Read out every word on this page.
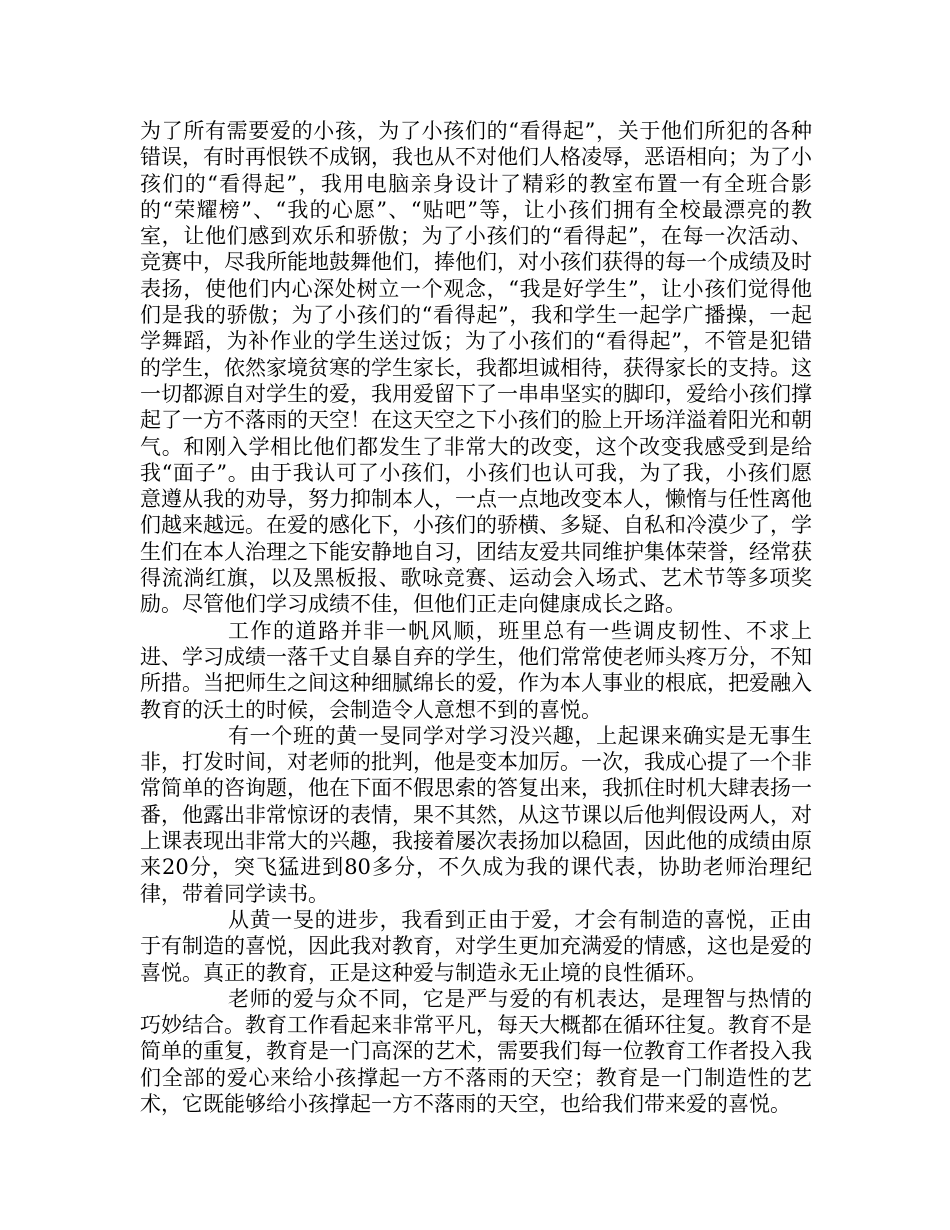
为了所有需要爱的小孩，为了小孩们的“看得起”，关于他们所犯的各种错误，有时再恨铁不成钢，我也从不对他们人格凌辱，恶语相向；为了小孩们的“看得起”，我用电脑亲身设计了精彩的教室布置一有全班合影的“荣耀榜”、“我的心愿”、“贴吧”等，让小孩们拥有全校最漂亮的教室，让他们感到欢乐和骄傲；为了小孩们的“看得起”，在每一次活动、竞赛中，尽我所能地鼓舞他们，捧他们，对小孩们获得的每一个成绩及时表扬，使他们内心深处树立一个观念，“我是好学生”，让小孩们觉得他们是我的骄傲；为了小孩们的“看得起”，我和学生一起学广播操，一起学舞蹈，为补作业的学生送过饭；为了小孩们的“看得起”，不管是犯错的学生，依然家境贫寒的学生家长，我都坦诚相待，获得家长的支持。这一切都源自对学生的爱，我用爱留下了一串串坚实的脚印，爱给小孩们撑起了一方不落雨的天空！在这天空之下小孩们的脸上开场洋溢着阳光和朝气。和刚入学相比他们都发生了非常大的改变，这个改变我感受到是给我“面子”。由于我认可了小孩们，小孩们也认可我，为了我，小孩们愿意遵从我的劝导，努力抑制本人，一点一点地改变本人，懒惰与任性离他们越来越远。在爱的感化下，小孩们的骄横、多疑、自私和冷漠少了，学生们在本人治理之下能安静地自习，团结友爱共同维护集体荣誉，经常获得流淌红旗，以及黑板报、歌咏竞赛、运动会入场式、艺术节等多项奖励。尽管他们学习成绩不佳，但他们正走向健康成长之路。

工作的道路并非一帆风顺，班里总有一些调皮韧性、不求上进、学习成绩一落千丈自暴自弃的学生，他们常常使老师头疼万分，不知所措。当把师生之间这种细腻绵长的爱，作为本人事业的根底，把爱融入教育的沃土的时候，会制造令人意想不到的喜悦。

有一个班的黄一旻同学对学习没兴趣，上起课来确实是无事生非，打发时间，对老师的批判，他是变本加厉。一次，我成心提了一个非常简单的咨询题，他在下面不假思索的答复出来，我抓住时机大肆表扬一番，他露出非常惊讶的表情，果不其然，从这节课以后他判假设两人，对上课表现出非常大的兴趣，我接着屡次表扬加以稳固，因此他的成绩由原来20分，突飞猛进到80多分，不久成为我的课代表，协助老师治理纪律，带着同学读书。

从黄一旻的进步，我看到正由于爱，才会有制造的喜悦，正由于有制造的喜悦，因此我对教育，对学生更加充满爱的情感，这也是爱的喜悦。真正的教育，正是这种爱与制造永无止境的良性循环。

老师的爱与众不同，它是严与爱的有机表达，是理智与热情的巧妙结合。教育工作看起来非常平凡，每天大概都在循环往复。教育不是简单的重复，教育是一门高深的艺术，需要我们每一位教育工作者投入我们全部的爱心来给小孩撑起一方不落雨的天空；教育是一门制造性的艺术，它既能够给小孩撑起一方不落雨的天空，也给我们带来爱的喜悦。
